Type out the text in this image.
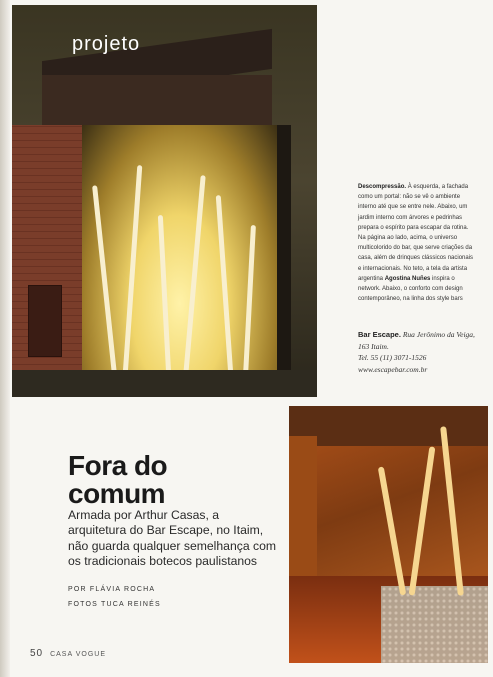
projeto
Descompressão. À esquerda, a fachada como um portal: não se vê o ambiente interno até que se entre nele. Abaixo, um jardim interno com árvores e pedrinhas prepara o espírito para escapar da rotina. Na página ao lado, acima, o universo multicolorido do bar, que serve criações da casa, além de drinques clássicos nacionais e internacionais. No teto, a tela da artista argentina Agostina Nuñes inspira o network. Abaixo, o conforto com design contemporâneo, na linha dos style bars
Bar Escape. Rua Jerônimo da Veiga, 163 Itaim.
Tel. 55 (11) 3071-1526
www.escapebar.com.br
Fora do
comum
Armada por Arthur Casas, a arquitetura do Bar Escape, no Itaim, não guarda qualquer semelhança com os tradicionais botecos paulistanos
POR FLÁVIA ROCHA
FOTOS TUCA REINÉS
50 CASA VOGUE
